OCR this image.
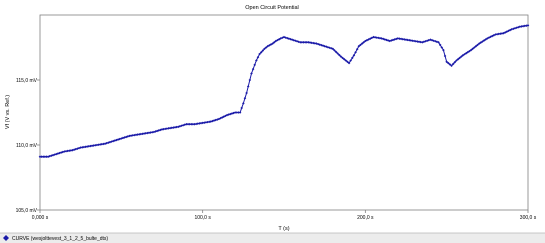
Open Circuit Potential
105,0 mV
110,0 mV
115,0 mV
0,000 s	100,0 s	200,0 s	300,0 s
Vf (V vs. Ref.)
T (s)
CURVE (wesjolttevest_3_1_2_5_bulte_dts)
